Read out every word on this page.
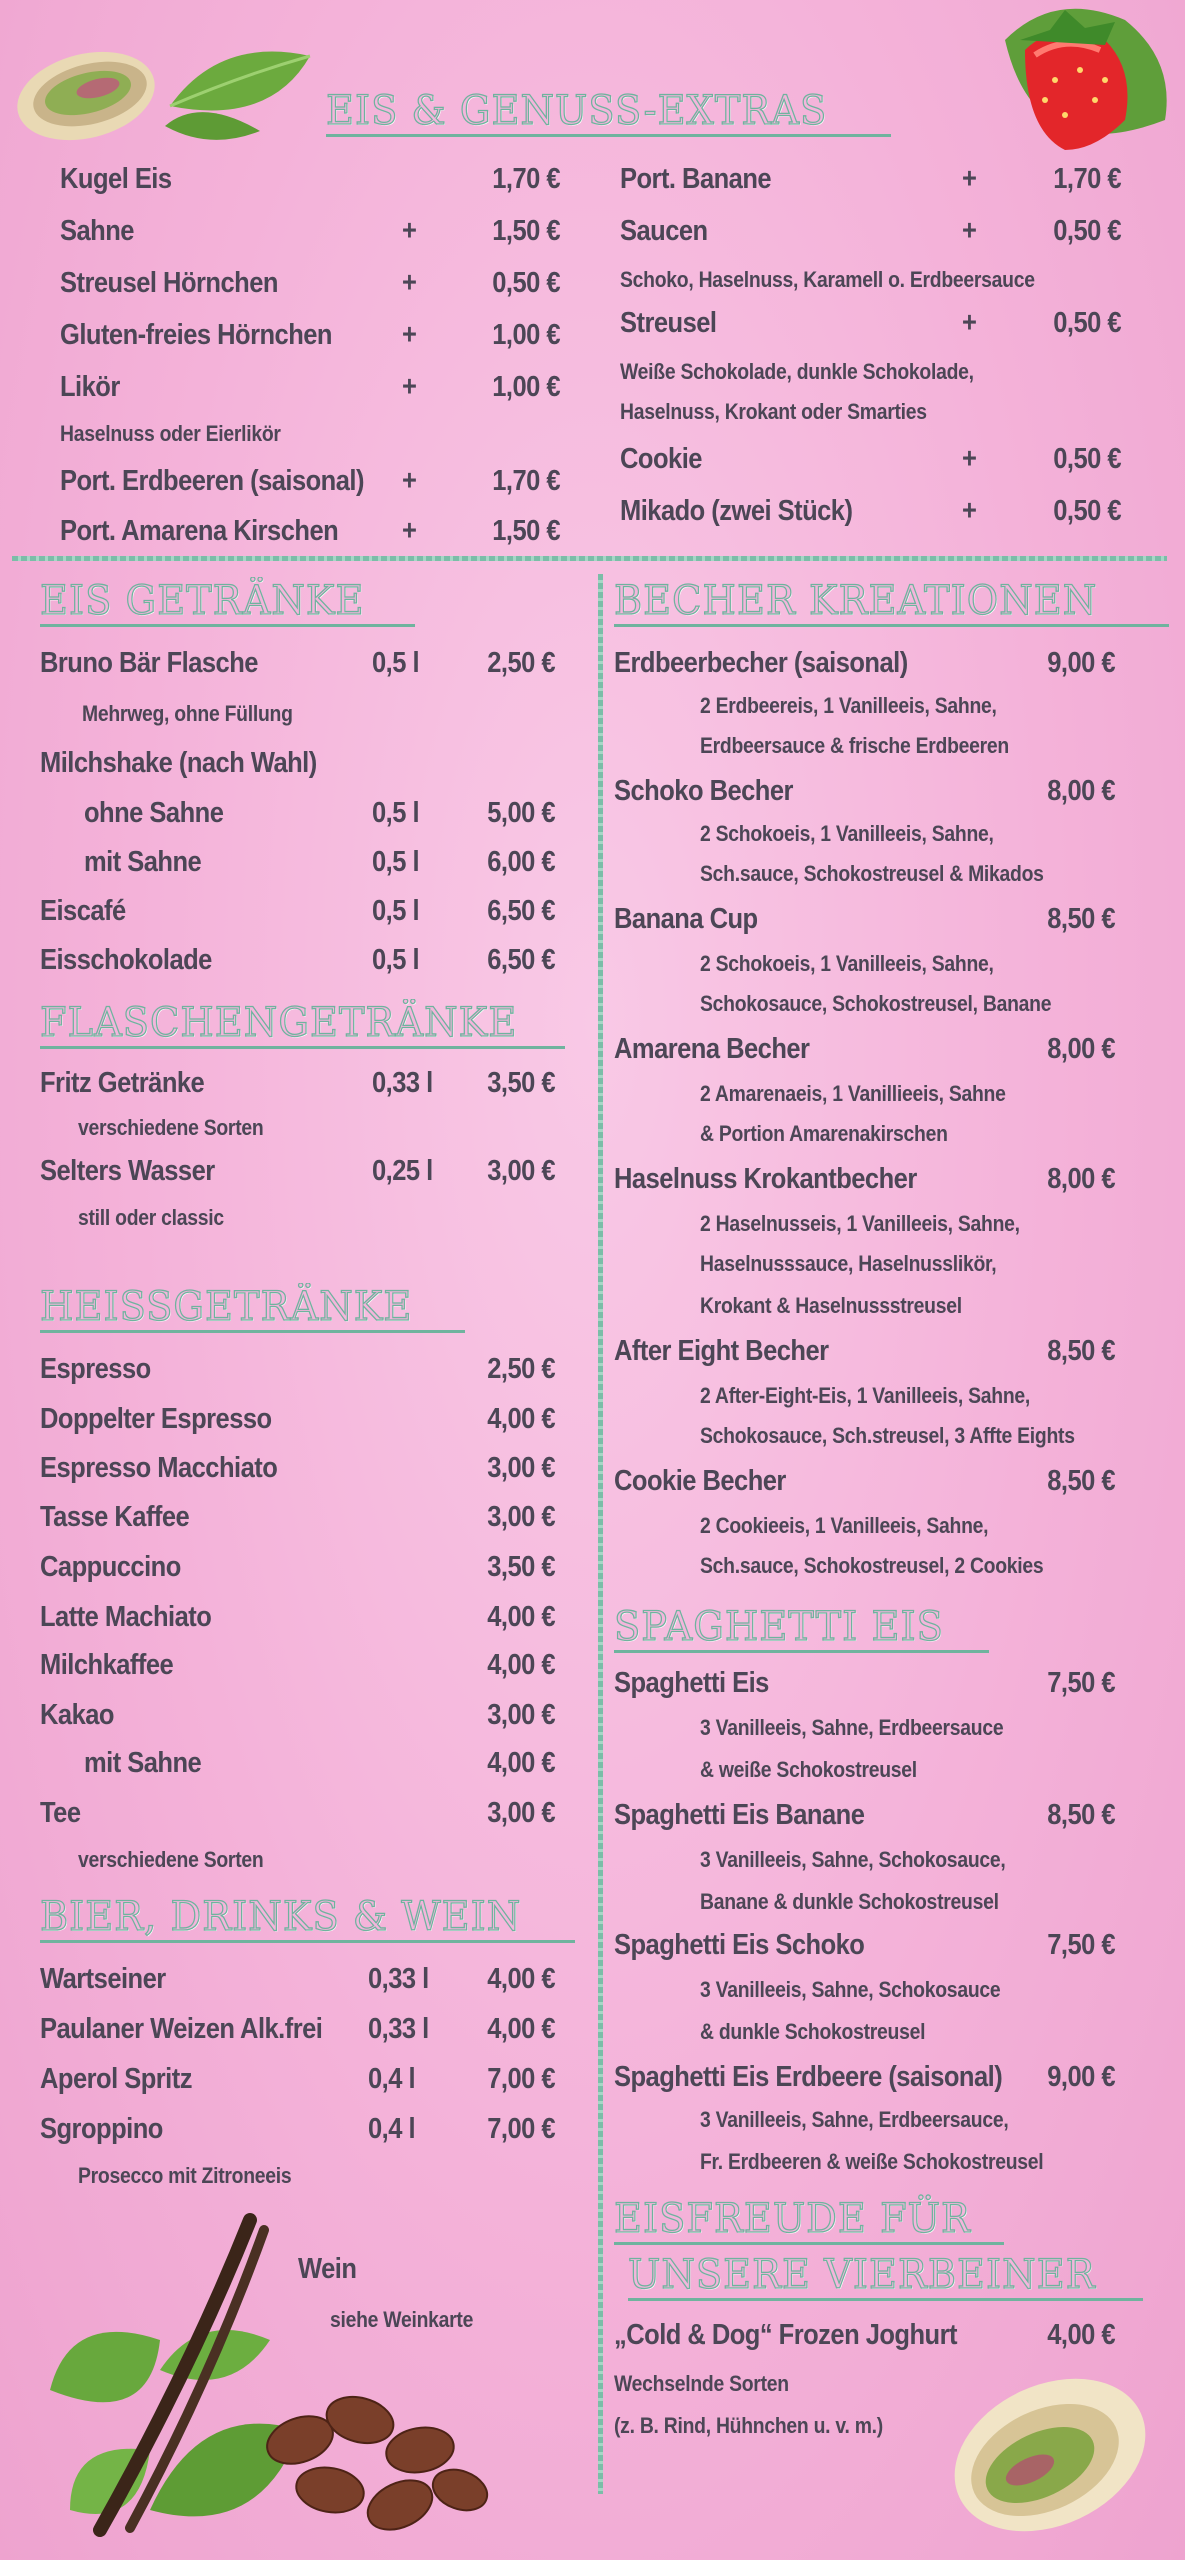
EIS & GENUSS-EXTRAS
Kugel Eis	1,70 €
Sahne	+	1,50 €
Streusel Hörnchen	+	0,50 €
Gluten-freies Hörnchen +	1,00 €
Likör	+	1,00 €
Haselnuss oder Eierlikör
Port. Erdbeeren (saisonal) +	1,70 €
Port. Amarena Kirschen +	1,50 €
Port. Banane	+	1,70 €
Saucen	+	0,50 €
Schoko, Haselnuss, Karamell o. Erdbeersauce
Streusel	+	0,50 €
Weiße Schokolade, dunkle Schokolade,
Haselnuss, Krokant oder Smarties
Cookie	+	0,50 €
Mikado (zwei Stück)	+	0,50 €
EIS GETRÄNKE
Bruno Bär Flasche	0,5 l 2,50 €
Mehrweg, ohne Füllung
Milchshake (nach Wahl)
ohne Sahne	0,5 l 5,00 €
mit Sahne	0,5 l 6,00 €
Eiscafé	0,5 l 6,50 €
Eisschokolade	0,5 l 6,50 €
FLASCHENGETRÄNKE
Fritz Getränke	0,33 l 3,50 €
verschiedene Sorten
Selters Wasser	0,25 l 3,00 €
still oder classic
HEISSGETRÄNKE
Espresso	2,50 €
Doppelter Espresso	4,00 €
Espresso Macchiato	3,00 €
Tasse Kaffee	3,00 €
Cappuccino	3,50 €
Latte Machiato	4,00 €
Milchkaffee	4,00 €
Kakao	3,00 €
mit Sahne	4,00 €
Tee	3,00 €
verschiedene Sorten
BIER, DRINKS & WEIN
Wartseiner	0,33 l 4,00 €
Paulaner Weizen Alk.frei 0,33 l 4,00 €
Aperol Spritz	0,4 l 7,00 €
Sgroppino	0,4 l 7,00 €
Prosecco mit Zitroneeis
Wein
siehe Weinkarte
BECHER KREATIONEN
Erdbeerbecher (saisonal)	9,00 €
2 Erdbeereis, 1 Vanilleeis, Sahne,
Erdbeersauce & frische Erdbeeren
Schoko Becher	8,00 €
2 Schokoeis, 1 Vanilleeis, Sahne,
Sch.sauce, Schokostreusel & Mikados
Banana Cup	8,50 €
2 Schokoeis, 1 Vanilleeis, Sahne,
Schokosauce, Schokostreusel, Banane
Amarena Becher	8,00 €
2 Amarenaeis, 1 Vanillieeis, Sahne
& Portion Amarenakirschen
Haselnuss Krokantbecher	8,00 €
2 Haselnusseis, 1 Vanilleeis, Sahne,
Haselnusssauce, Haselnusslikör,
Krokant & Haselnussstreusel
After Eight Becher	8,50 €
2 After-Eight-Eis, 1 Vanilleeis, Sahne,
Schokosauce, Sch.streusel, 3 Affte Eights
Cookie Becher	8,50 €
2 Cookieeis, 1 Vanilleeis, Sahne,
Sch.sauce, Schokostreusel, 2 Cookies
SPAGHETTI EIS
Spaghetti Eis	7,50 €
3 Vanilleeis, Sahne, Erdbeersauce
& weiße Schokostreusel
Spaghetti Eis Banane	8,50 €
3 Vanilleeis, Sahne, Schokosauce,
Banane & dunkle Schokostreusel
Spaghetti Eis Schoko	7,50 €
3 Vanilleeis, Sahne, Schokosauce
& dunkle Schokostreusel
Spaghetti Eis Erdbeere (saisonal) 9,00 €
3 Vanilleeis, Sahne, Erdbeersauce,
Fr. Erdbeeren & weiße Schokostreusel
EISFREUDE FÜR
UNSERE VIERBEINER
„Cold & Dog“ Frozen Joghurt	4,00 €
Wechselnde Sorten
(z. B. Rind, Hühnchen u. v. m.)
